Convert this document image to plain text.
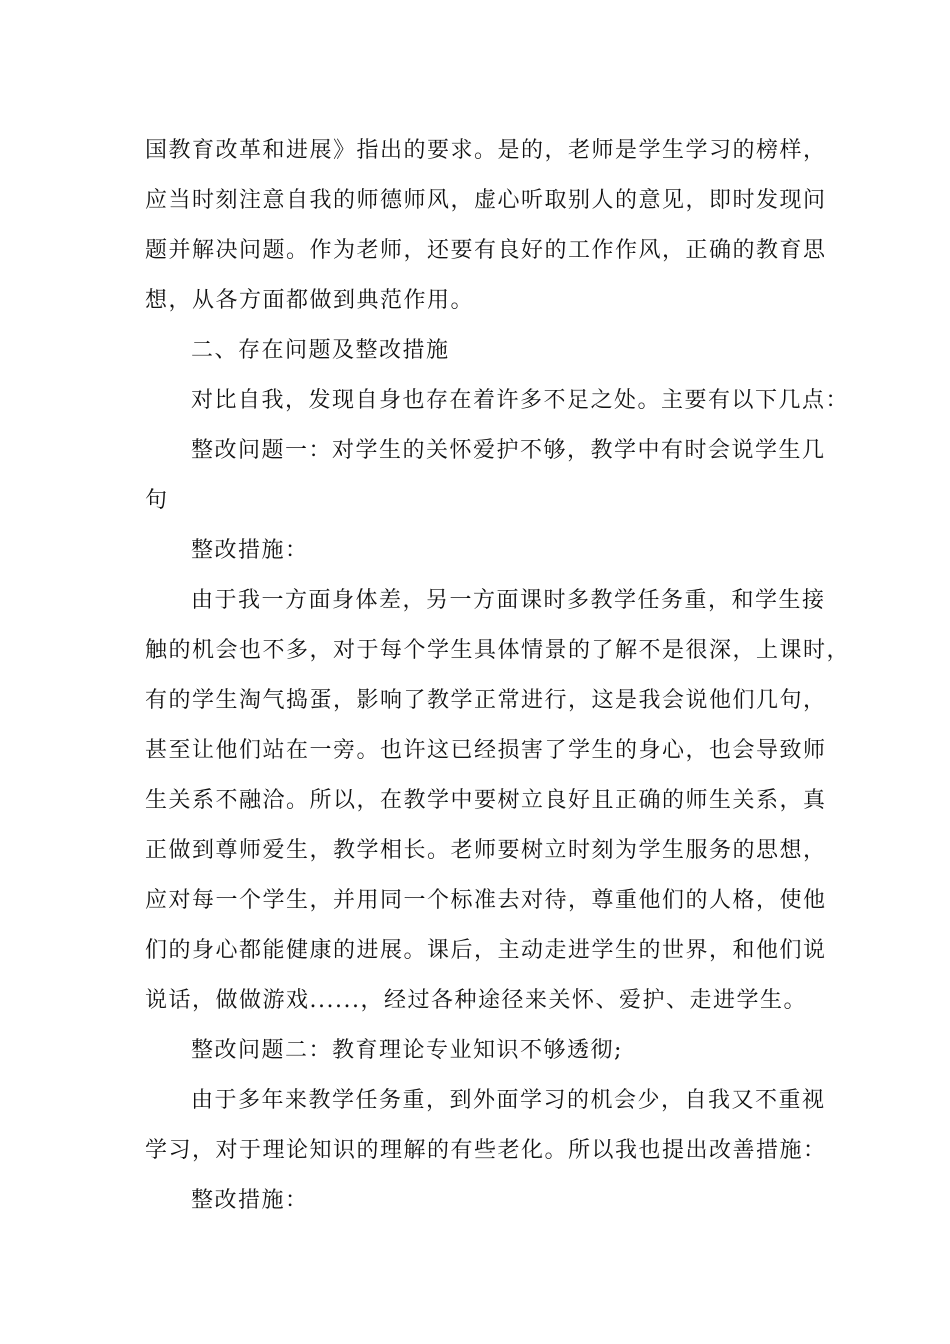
国教育改革和进展》指出的要求。是的，老师是学生学习的榜样，
应当时刻注意自我的师德师风，虚心听取别人的意见，即时发现问
题并解决问题。作为老师，还要有良好的工作作风，正确的教育思
想，从各方面都做到典范作用。
二、存在问题及整改措施
对比自我，发现自身也存在着许多不足之处。主要有以下几点：
整改问题一：对学生的关怀爱护不够，教学中有时会说学生几
句
整改措施：
由于我一方面身体差，另一方面课时多教学任务重，和学生接
触的机会也不多，对于每个学生具体情景的了解不是很深，上课时，
有的学生淘气捣蛋，影响了教学正常进行，这是我会说他们几句，
甚至让他们站在一旁。也许这已经损害了学生的身心，也会导致师
生关系不融洽。所以，在教学中要树立良好且正确的师生关系，真
正做到尊师爱生，教学相长。老师要树立时刻为学生服务的思想，
应对每一个学生，并用同一个标准去对待，尊重他们的人格，使他
们的身心都能健康的进展。课后，主动走进学生的世界，和他们说
说话，做做游戏......，经过各种途径来关怀、爱护、走进学生。
整改问题二：教育理论专业知识不够透彻;
由于多年来教学任务重，到外面学习的机会少，自我又不重视
学习，对于理论知识的理解的有些老化。所以我也提出改善措施：
整改措施：
